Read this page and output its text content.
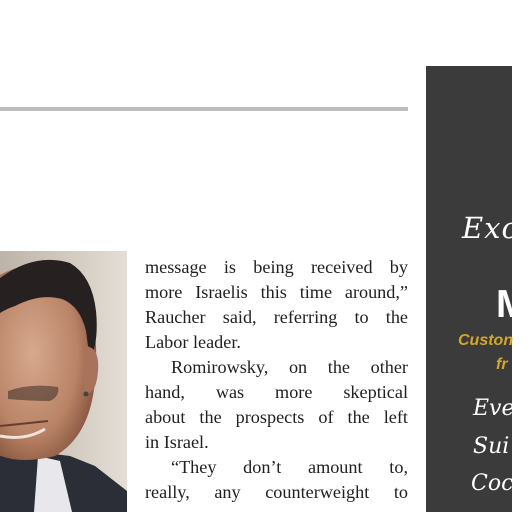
message is being received by
more Israelis this time around,”
Raucher said, referring to the
Labor leader.
Romirowsky, on the other
hand, was more skeptical
about the prospects of the left
in Israel.
“They don’t amount to,
really, any counterweight to
Exc
M
Custon
fr
Eve
Sui
Cock
